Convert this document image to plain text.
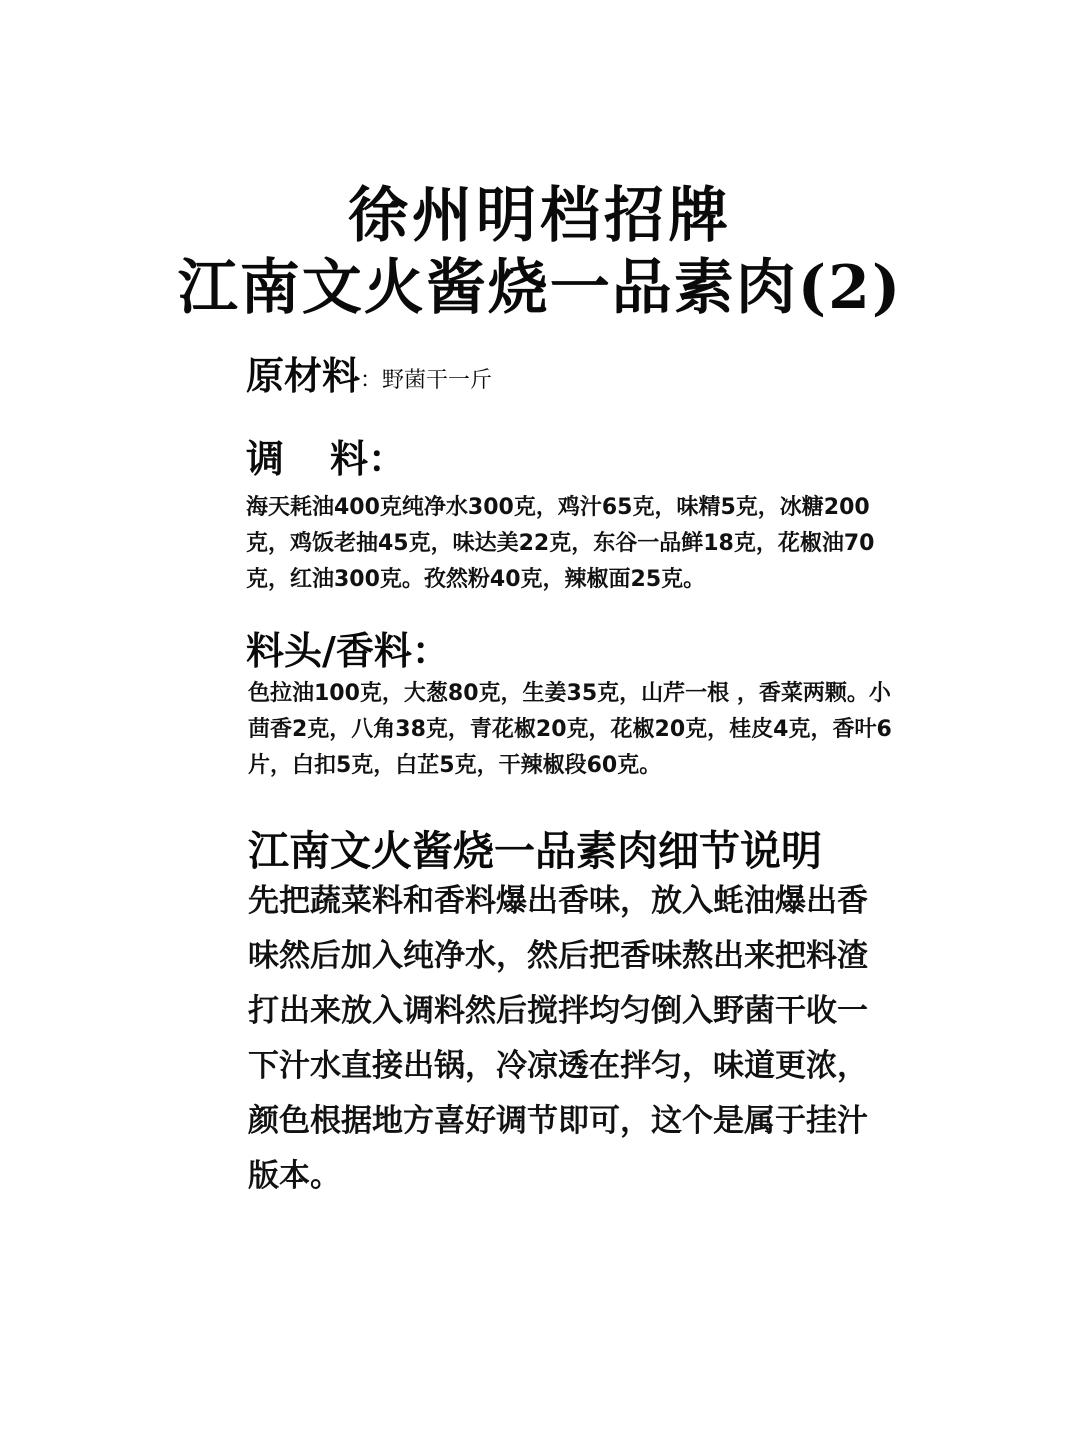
徐州明档招牌
江南文火酱烧一品素肉(2)
原材料：野菌干一斤
调 料：
海天耗油400克纯净水300克，鸡汁65克，味精5克，冰糖200克，鸡饭老抽45克，味达美22克，东谷一品鲜18克，花椒油70克，红油300克。孜然粉40克，辣椒面25克。
料头/香料：
色拉油100克，大葱80克，生姜35克，山芹一根 ，香菜两颗。小茴香2克，八角38克，青花椒20克，花椒20克，桂皮4克，香叶6片，白扣5克，白芷5克，干辣椒段60克。
江南文火酱烧一品素肉细节说明
先把蔬菜料和香料爆出香味，放入蚝油爆出香味然后加入纯净水，然后把香味熬出来把料渣打出来放入调料然后搅拌均匀倒入野菌干收一下汁水直接出锅，冷凉透在拌匀，味道更浓，颜色根据地方喜好调节即可，这个是属于挂汁版本。
